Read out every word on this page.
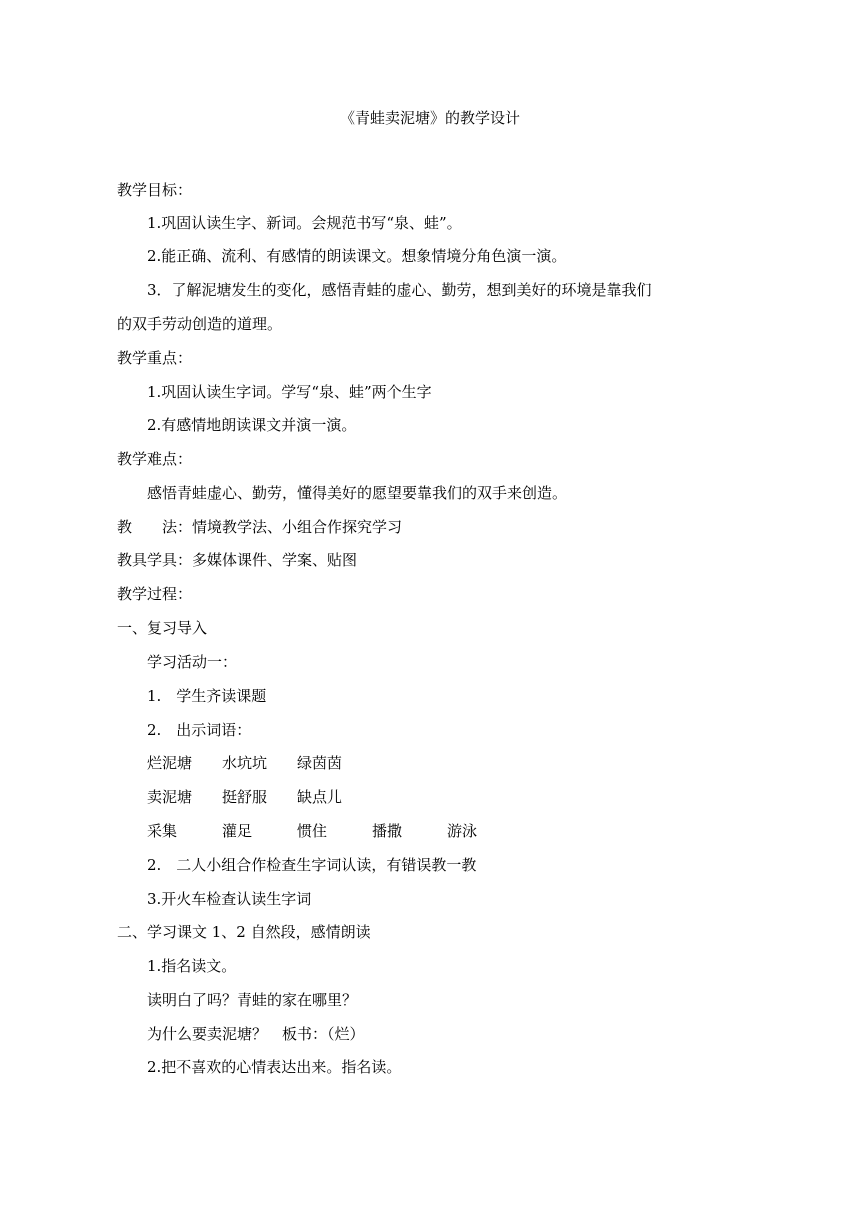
《青蛙卖泥塘》的教学设计
教学目标：
1.巩固认读生字、新词。会规范书写“泉、蛙”。
2.能正确、流利、有感情的朗读课文。想象情境分角色演一演。
3．了解泥塘发生的变化，感悟青蛙的虚心、勤劳，想到美好的环境是靠我们
的双手劳动创造的道理。
教学重点：
1.巩固认读生字词。学写“泉、蛙”两个生字
2.有感情地朗读课文并演一演。
教学难点：
感悟青蛙虚心、勤劳，懂得美好的愿望要靠我们的双手来创造。
教　　法：情境教学法、小组合作探究学习
教具学具：多媒体课件、学案、贴图
教学过程：
一、复习导入
学习活动一：
1.　学生齐读课题
2.　出示词语：
烂泥塘　　水坑坑　　绿茵茵
卖泥塘　　挺舒服　　缺点儿
采集　　　灌足　　　惯住　　　播撒　　　游泳
2.　二人小组合作检查生字词认读，有错误教一教
3.开火车检查认读生字词
二、学习课文 1、2 自然段，感情朗读
1.指名读文。
读明白了吗？青蛙的家在哪里？
为什么要卖泥塘？　板书：（烂）
2.把不喜欢的心情表达出来。指名读。
